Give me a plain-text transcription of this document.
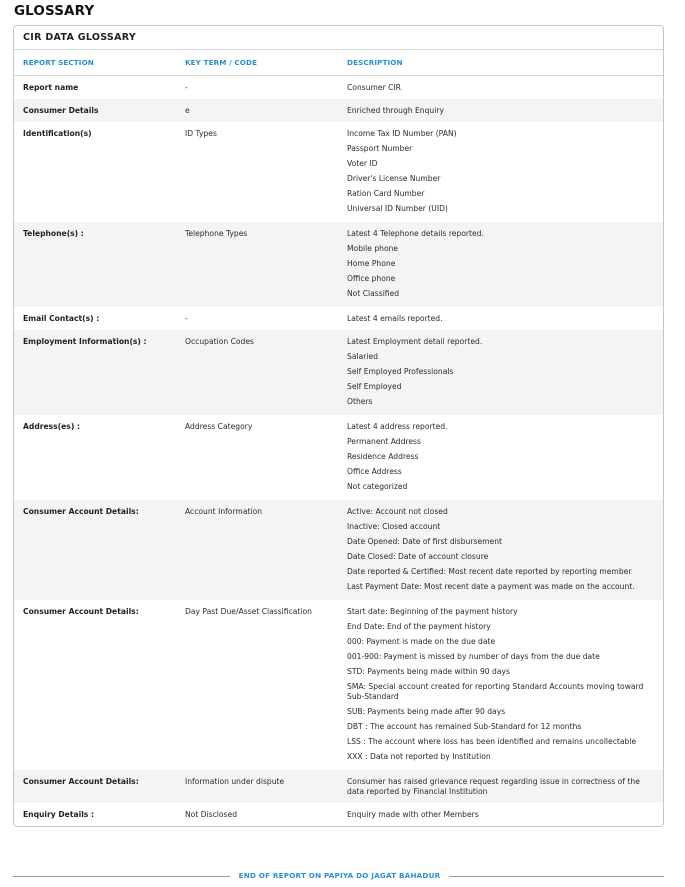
GLOSSARY
CIR DATA GLOSSARY
REPORT SECTION	KEY TERM / CODE	DESCRIPTION
Report name	-	Consumer CIR
Consumer Details	e	Enriched through Enquiry
Identification(s)	ID Types	Income Tax ID Number (PAN)
Passport Number
Voter ID
Driver's License Number
Ration Card Number
Universal ID Number (UID)
Telephone(s) :	Telephone Types	Latest 4 Telephone details reported.
Mobile phone
Home Phone
Office phone
Not Classified
Email Contact(s) :	-	Latest 4 emails reported.
Employment Information(s) :	Occupation Codes	Latest Employment detail reported.
Salaried
Self Employed Professionals
Self Employed
Others
Address(es) :	Address Category	Latest 4 address reported.
Permanent Address
Residence Address
Office Address
Not categorized
Consumer Account Details:	Account Information	Active: Account not closed
Inactive: Closed account
Date Opened: Date of first disbursement
Date Closed: Date of account closure
Date reported & Certified: Most recent date reported by reporting member
Last Payment Date: Most recent date a payment was made on the account.
Consumer Account Details:	Day Past Due/Asset Classification	Start date: Beginning of the payment history
End Date: End of the payment history
000: Payment is made on the due date
001-900: Payment is missed by number of days from the due date
STD: Payments being made within 90 days
SMA: Special account created for reporting Standard Accounts moving toward Sub-Standard
SUB: Payments being made after 90 days
DBT : The account has remained Sub-Standard for 12 months
LSS : The account where loss has been identified and remains uncollectable
XXX : Data not reported by Institution
Consumer Account Details:	Information under dispute	Consumer has raised grievance request regarding issue in correctness of the data reported by Financial Institution
Enquiry Details :	Not Disclosed	Enquiry made with other Members
END OF REPORT ON PAPIYA DO JAGAT BAHADUR
